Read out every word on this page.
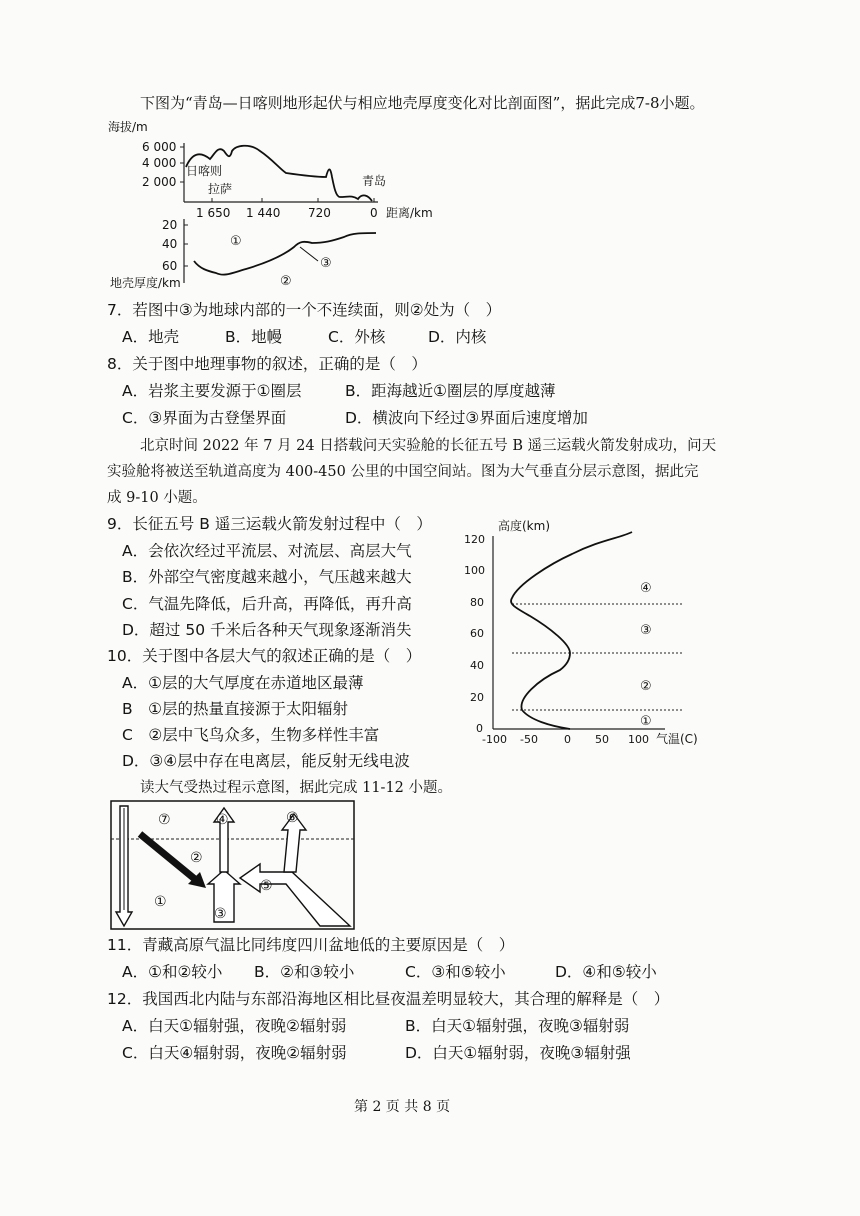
下图为“青岛—日喀则地形起伏与相应地壳厚度变化对比剖面图”，据此完成7-8小题。
海拔/m
6 000
4 000
2 000
日喀则
拉萨
青岛
1 650 1 440 720	0 距离/km
20
40
60
①
②
③
地壳厚度/km
7．若图中③为地球内部的一个不连续面，则②处为（　）
A．地壳	B．地幔	C．外核	D．内核
8．关于图中地理事物的叙述，正确的是（　）
A．岩浆主要发源于①圈层	B．距海越近①圈层的厚度越薄
C．③界面为古登堡界面	D．横波向下经过③界面后速度增加
北京时间 2022 年 7 月 24 日搭载问天实验舱的长征五号 B 遥三运载火箭发射成功，问天
实验舱将被送至轨道高度为 400-450 公里的中国空间站。图为大气垂直分层示意图，据此完
成 9-10 小题。
9．长征五号 B 遥三运载火箭发射过程中（　）
A．会依次经过平流层、对流层、高层大气
B．外部空气密度越来越小，气压越来越大
C．气温先降低，后升高，再降低，再升高
D．超过 50 千米后各种天气现象逐渐消失
10．关于图中各层大气的叙述正确的是（　）
A．①层的大气厚度在赤道地区最薄
B　①层的热量直接源于太阳辐射
C　②层中飞鸟众多，生物多样性丰富
D．③④层中存在电离层，能反射无线电波
高度(km)
0
20
40
60
80
100
120
-100 -50 0 50 100 气温(C)
①
②
③
④
读大气受热过程示意图，据此完成 11-12 小题。
①
⑦
②
③
④
⑤
⑥
11．青藏高原气温比同纬度四川盆地低的主要原因是（　）
A．①和②较小 B．②和③较小	C．③和⑤较小	D．④和⑤较小
12．我国西北内陆与东部沿海地区相比昼夜温差明显较大，其合理的解释是（　）
A．白天①辐射强，夜晚②辐射弱	B．白天①辐射强，夜晚③辐射弱
C．白天④辐射弱，夜晚②辐射弱	D．白天①辐射弱，夜晚③辐射强
第 2 页 共 8 页
